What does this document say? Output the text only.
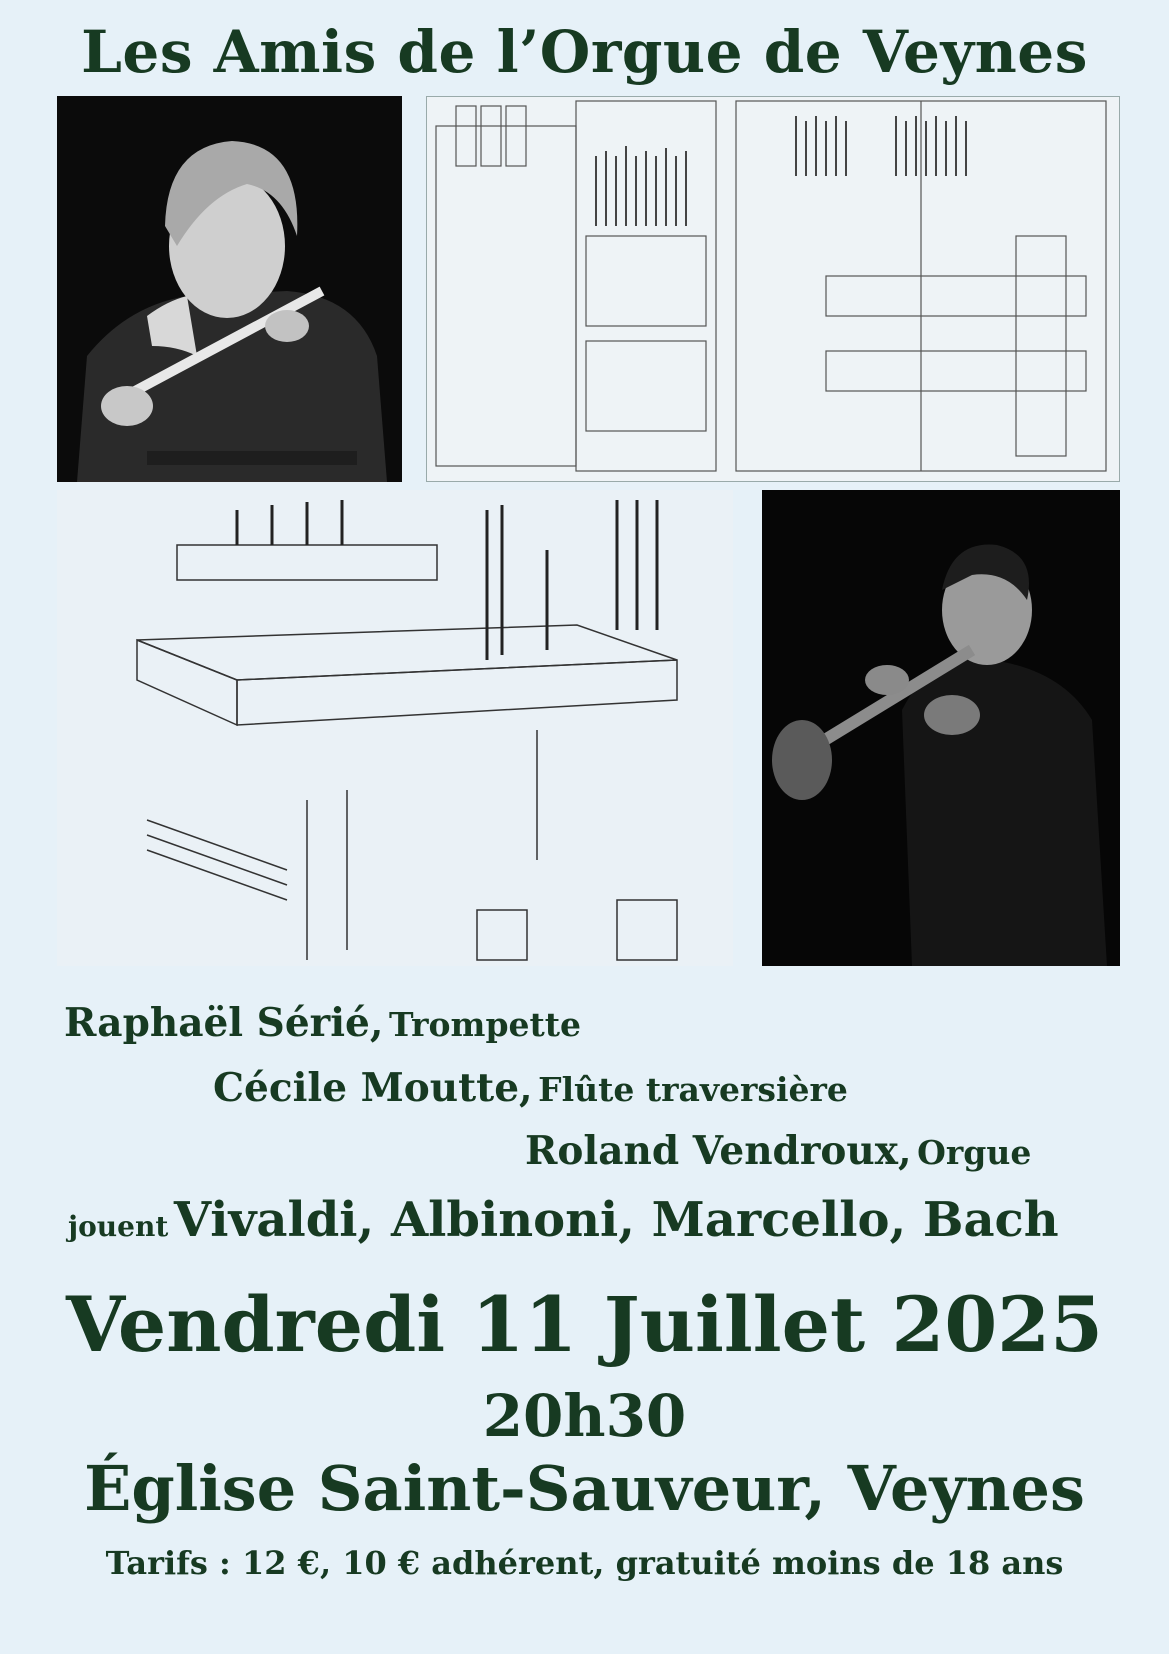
Les Amis de l’Orgue de Veynes
Raphaël Sérié, Trompette
Cécile Moutte, Flûte traversière
Roland Vendroux, Orgue
jouent Vivaldi, Albinoni, Marcello, Bach
Vendredi 11 Juillet 2025
20h30
Église Saint-Sauveur, Veynes
Tarifs : 12 €, 10 € adhérent, gratuité moins de 18 ans
